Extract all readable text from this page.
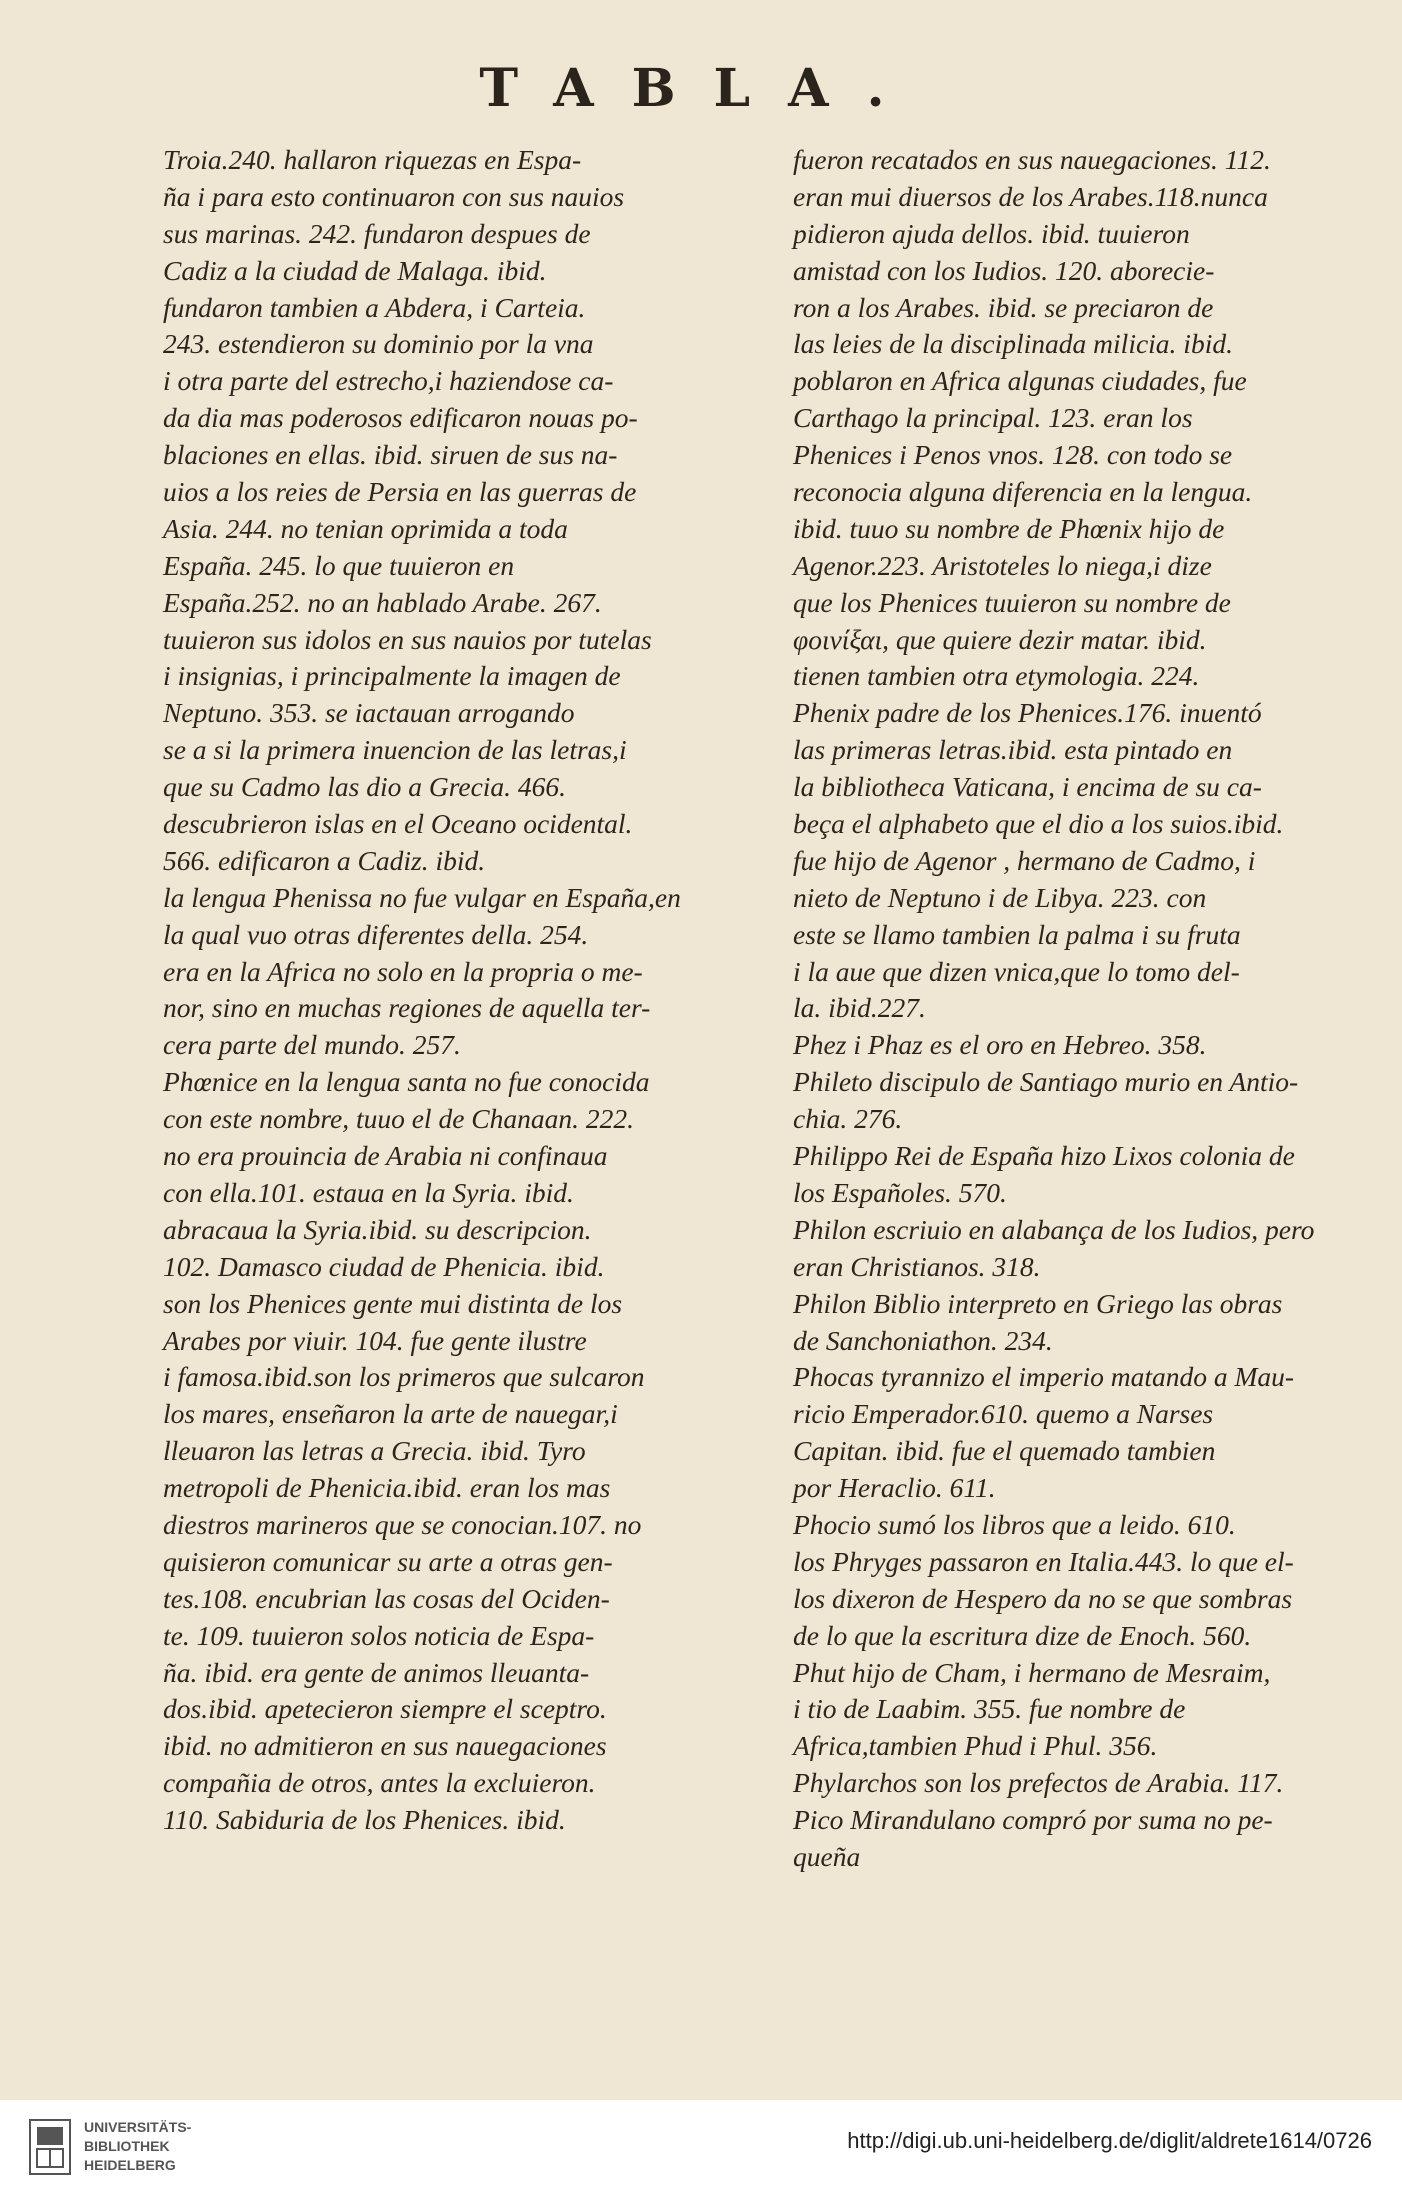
TABLA.
Troia.240. hallaron riquezas en Espa-
ña i para esto continuaron con sus nauios
sus marinas. 242. fundaron despues de
Cadiz a la ciudad de Malaga. ibid.
fundaron tambien a Abdera, i Carteia.
243. estendieron su dominio por la vna
i otra parte del estrecho,i haziendose ca-
da dia mas poderosos edificaron nouas po-
blaciones en ellas. ibid. siruen de sus na-
uios a los reies de Persia en las guerras de
Asia. 244. no tenian oprimida a toda
España. 245. lo que tuuieron en
España.252. no an hablado Arabe. 267.
tuuieron sus idolos en sus nauios por tutelas
i insignias, i principalmente la imagen de
Neptuno. 353. se iactauan arrogando
se a si la primera inuencion de las letras,i
que su Cadmo las dio a Grecia. 466.
descubrieron islas en el Oceano ocidental.
566. edificaron a Cadiz. ibid.
la lengua Phenissa no fue vulgar en España,en
la qual vuo otras diferentes della. 254.
era en la Africa no solo en la propria o me-
nor, sino en muchas regiones de aquella ter-
cera parte del mundo. 257.
Phœnice en la lengua santa no fue conocida
con este nombre, tuuo el de Chanaan. 222.
no era prouincia de Arabia ni confinaua
con ella.101. estaua en la Syria. ibid.
abracaua la Syria.ibid. su descripcion.
102. Damasco ciudad de Phenicia. ibid.
son los Phenices gente mui distinta de los
Arabes por viuir. 104. fue gente ilustre
i famosa.ibid.son los primeros que sulcaron
los mares, enseñaron la arte de nauegar,i
lleuaron las letras a Grecia. ibid. Tyro
metropoli de Phenicia.ibid. eran los mas
diestros marineros que se conocian.107. no
quisieron comunicar su arte a otras gen-
tes.108. encubrian las cosas del Ociden-
te. 109. tuuieron solos noticia de Espa-
ña. ibid. era gente de animos lleuanta-
dos.ibid. apetecieron siempre el sceptro.
ibid. no admitieron en sus nauegaciones
compañia de otros, antes la excluieron.
110. Sabiduria de los Phenices. ibid.
fueron recatados en sus nauegaciones. 112.
eran mui diuersos de los Arabes.118.nunca
pidieron ajuda dellos. ibid. tuuieron
amistad con los Iudios. 120. aborecie-
ron a los Arabes. ibid. se preciaron de
las leies de la disciplinada milicia. ibid.
poblaron en Africa algunas ciudades, fue
Carthago la principal. 123. eran los
Phenices i Penos vnos. 128. con todo se
reconocia alguna diferencia en la lengua.
ibid. tuuo su nombre de Phœnix hijo de
Agenor.223. Aristoteles lo niega,i dize
que los Phenices tuuieron su nombre de
φοινίξαι, que quiere dezir matar. ibid.
tienen tambien otra etymologia. 224.
Phenix padre de los Phenices.176. inuentó
las primeras letras.ibid. esta pintado en
la bibliotheca Vaticana, i encima de su ca-
beça el alphabeto que el dio a los suios.ibid.
fue hijo de Agenor , hermano de Cadmo, i
nieto de Neptuno i de Libya. 223. con
este se llamo tambien la palma i su fruta
i la aue que dizen vnica,que lo tomo del-
la. ibid.227.
Phez i Phaz es el oro en Hebreo. 358.
Phileto discipulo de Santiago murio en Antio-
chia. 276.
Philippo Rei de España hizo Lixos colonia de
los Españoles. 570.
Philon escriuio en alabança de los Iudios, pero
eran Christianos. 318.
Philon Biblio interpreto en Griego las obras
de Sanchoniathon. 234.
Phocas tyrannizo el imperio matando a Mau-
ricio Emperador.610. quemo a Narses
Capitan. ibid. fue el quemado tambien
por Heraclio. 611.
Phocio sumó los libros que a leido. 610.
los Phryges passaron en Italia.443. lo que el-
los dixeron de Hespero da no se que sombras
de lo que la escritura dize de Enoch. 560.
Phut hijo de Cham, i hermano de Mesraim,
i tio de Laabim. 355. fue nombre de
Africa,tambien Phud i Phul. 356.
Phylarchos son los prefectos de Arabia. 117.
Pico Mirandulano compró por suma no pe-
queña
UNIVERSITÄTS-
BIBLIOTHEK
HEIDELBERG
http://digi.ub.uni-heidelberg.de/diglit/aldrete1614/0726
